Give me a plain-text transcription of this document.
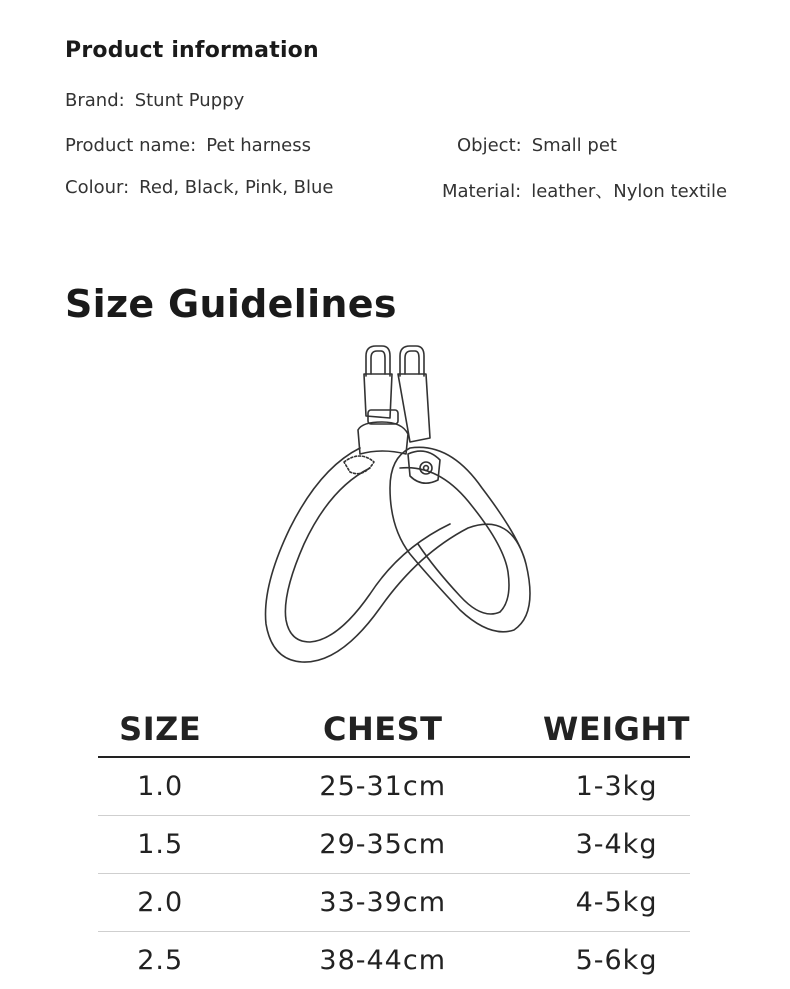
Product information
Brand: Stunt Puppy
Product name: Pet harness	Object: Small pet
Colour: Red, Black, Pink, Blue	Material: leather、Nylon textile
Size Guidelines
SIZE	CHEST	WEIGHT
1.0	25-31cm	1-3kg
1.5	29-35cm	3-4kg
2.0	33-39cm	4-5kg
2.5	38-44cm	5-6kg
